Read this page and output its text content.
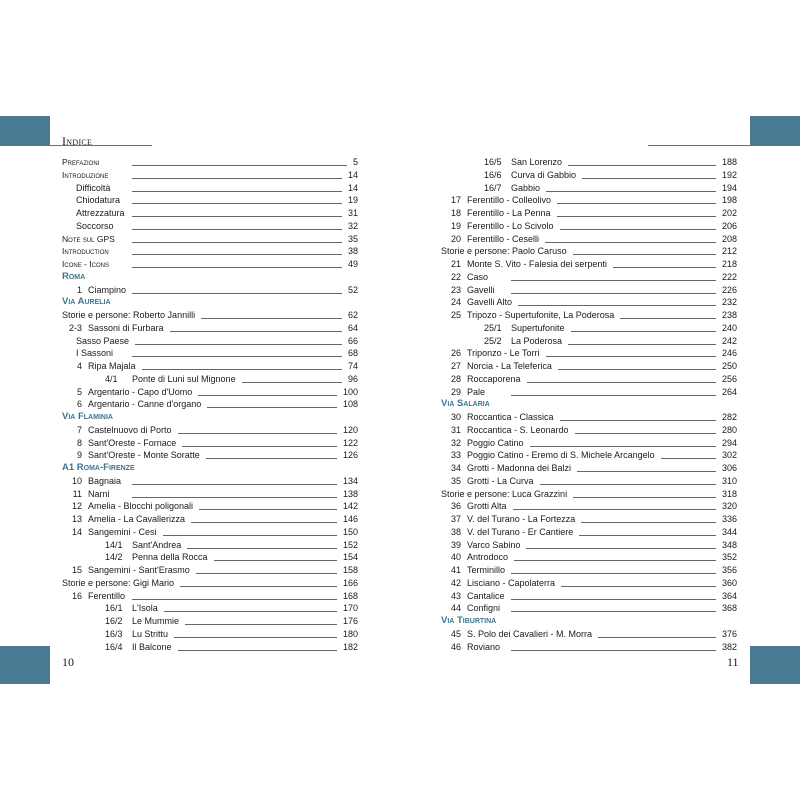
Indice
Prefazioni	5
Introduzione	14
Difficoltà	14
Chiodatura	19
Attrezzatura	31
Soccorso	32
Note sul GPS	35
Introduction	38
Icone - Icons	49
Roma
1 Ciampino	52
Via Aurelia
Storie e persone: Roberto Jannilli	62
2-3 Sassoni di Furbara	64
Sasso Paese	66
I Sassoni	68
4 Ripa Majala	74
4/1 Ponte di Luni sul Mignone	96
5 Argentario - Capo d'Uomo	100
6 Argentario - Canne d'organo	108
Via Flaminia
7 Castelnuovo di Porto	120
8 Sant'Oreste - Fornace	122
9 Sant'Oreste - Monte Soratte	126
A1 Roma-Firenze
10 Bagnaia	134
11 Narni	138
12 Amelia - Blocchi poligonali	142
13 Amelia - La Cavallerizza	146
14 Sangemini - Cesi	150
14/1 Sant'Andrea	152
14/2 Penna della Rocca	154
15 Sangemini - Sant'Erasmo	158
Storie e persone: Gigi Mario	166
16 Ferentillo	168
16/1 L'Isola	170
16/2 Le Mummie	176
16/3 Lu Strittu	180
16/4 Il Balcone	182
16/5 San Lorenzo	188
16/6 Curva di Gabbio	192
16/7 Gabbio	194
17 Ferentillo - Colleolivo	198
18 Ferentillo - La Penna	202
19 Ferentillo - Lo Scivolo	206
20 Ferentillo - Ceselli	208
Storie e persone: Paolo Caruso	212
21 Monte S. Vito - Falesia dei serpenti	218
22 Caso	222
23 Gavelli	226
24 Gavelli Alto	232
25 Tripozo - Supertufonite, La Poderosa	238
25/1 Supertufonite	240
25/2 La Poderosa	242
26 Triponzo - Le Torri	246
27 Norcia - La Teleferica	250
28 Roccaporena	256
29 Pale	264
Via Salaria
30 Roccantica - Classica	282
31 Roccantica - S. Leonardo	280
32 Poggio Catino	294
33 Poggio Catino - Eremo di S. Michele Arcangelo	302
34 Grotti - Madonna dei Balzi	306
35 Grotti - La Curva	310
Storie e persone: Luca Grazzini	318
36 Grotti Alta	320
37 V. del Turano - La Fortezza	336
38 V. del Turano - Er Cantiere	344
39 Varco Sabino	348
40 Antrodoco	352
41 Terminillo	356
42 Lisciano - Capolaterra	360
43 Cantalice	364
44 Configni	368
Via Tiburtina
45 S. Polo dei Cavalieri - M. Morra	376
46 Roviano	382
10	11
